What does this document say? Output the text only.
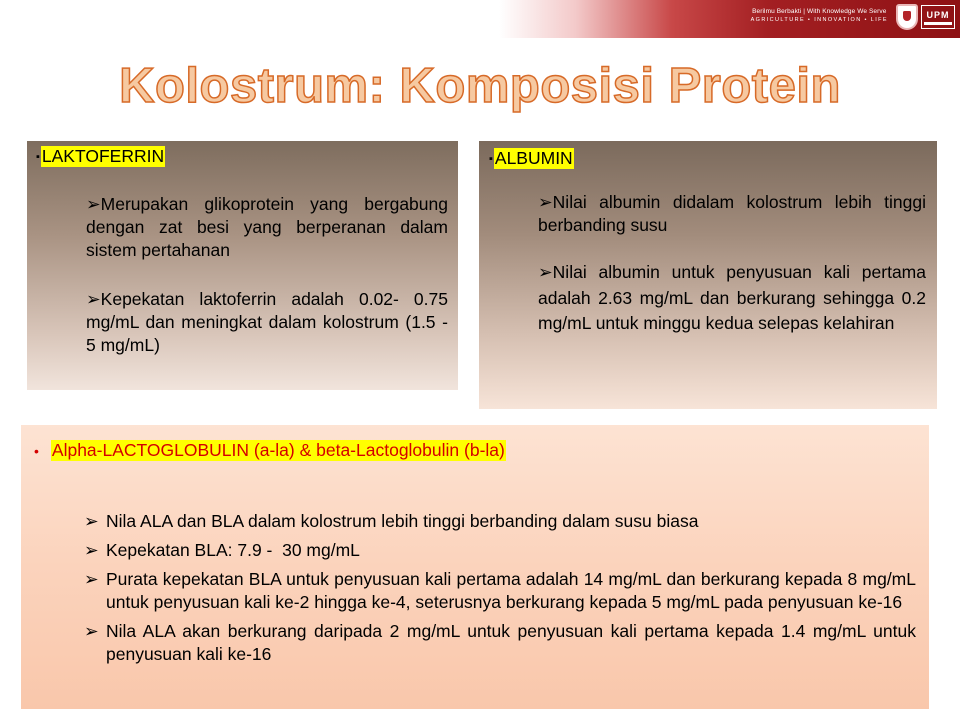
Berilmu Berbakti | With Knowledge We Serve
AGRICULTURE • INNOVATION • LIFE
UPM
Kolostrum: Komposisi Protein
▪ LAKTOFERRIN
➢Merupakan glikoprotein yang bergabung dengan zat besi yang berperanan dalam sistem pertahanan
➢Kepekatan laktoferrin adalah 0.02- 0.75 mg/mL dan meningkat dalam kolostrum (1.5 - 5 mg/mL)
▪ ALBUMIN
➢Nilai albumin didalam kolostrum lebih tinggi berbanding susu
➢Nilai albumin untuk penyusuan kali pertama adalah 2.63 mg/mL dan berkurang sehingga 0.2 mg/mL untuk minggu kedua selepas kelahiran
• Alpha-LACTOGLOBULIN (a-la) & beta-Lactoglobulin (b-la)
➢ Nila ALA dan BLA dalam kolostrum lebih tinggi berbanding dalam susu biasa
➢ Kepekatan BLA: 7.9 -  30 mg/mL
➢ Purata kepekatan BLA untuk penyusuan kali pertama adalah 14 mg/mL dan berkurang kepada 8 mg/mL untuk penyusuan kali ke-2 hingga ke-4, seterusnya berkurang kepada 5 mg/mL pada penyusuan ke-16
➢ Nila ALA akan berkurang daripada 2 mg/mL untuk penyusuan kali pertama kepada 1.4 mg/mL untuk penyusuan kali ke-16
